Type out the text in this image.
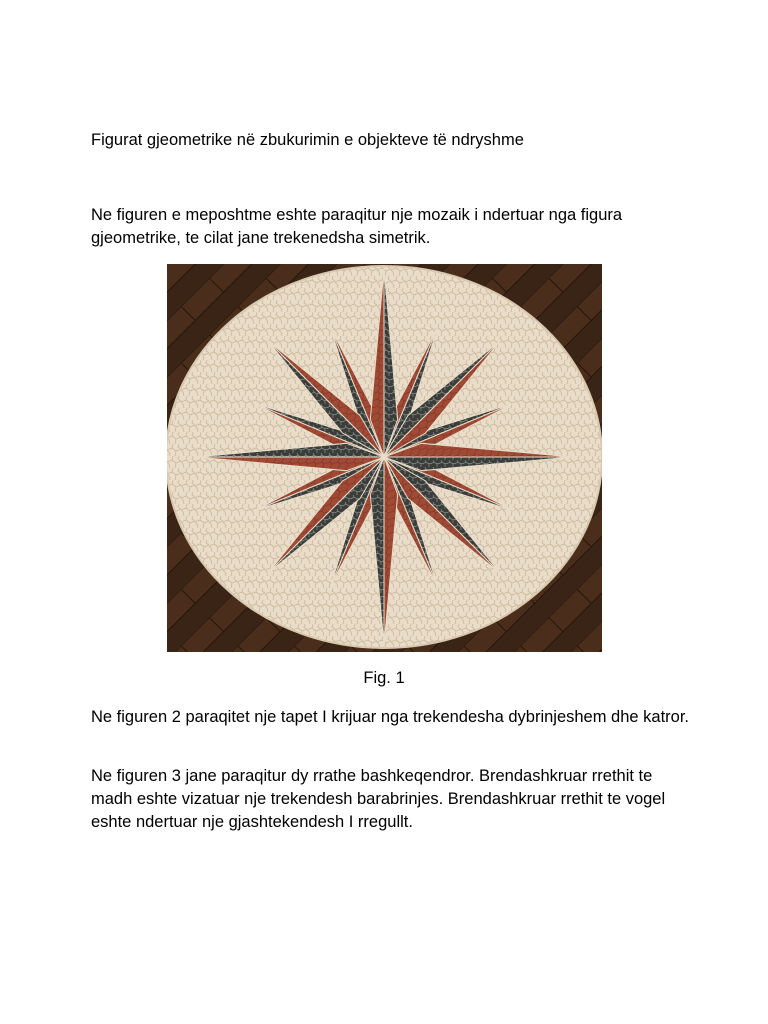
Figurat gjeometrike në zbukurimin e objekteve të ndryshme
Ne figuren e meposhtme eshte paraqitur nje mozaik i ndertuar nga figura gjeometrike, te cilat jane trekenedsha simetrik.
Fig. 1
Ne figuren 2 paraqitet nje tapet I krijuar nga trekendesha dybrinjeshem dhe katror.
Ne figuren 3 jane paraqitur dy rrathe bashkeqendror. Brendashkruar rrethit te madh eshte vizatuar nje trekendesh barabrinjes. Brendashkruar rrethit te vogel eshte ndertuar nje gjashtekendesh I rregullt.
